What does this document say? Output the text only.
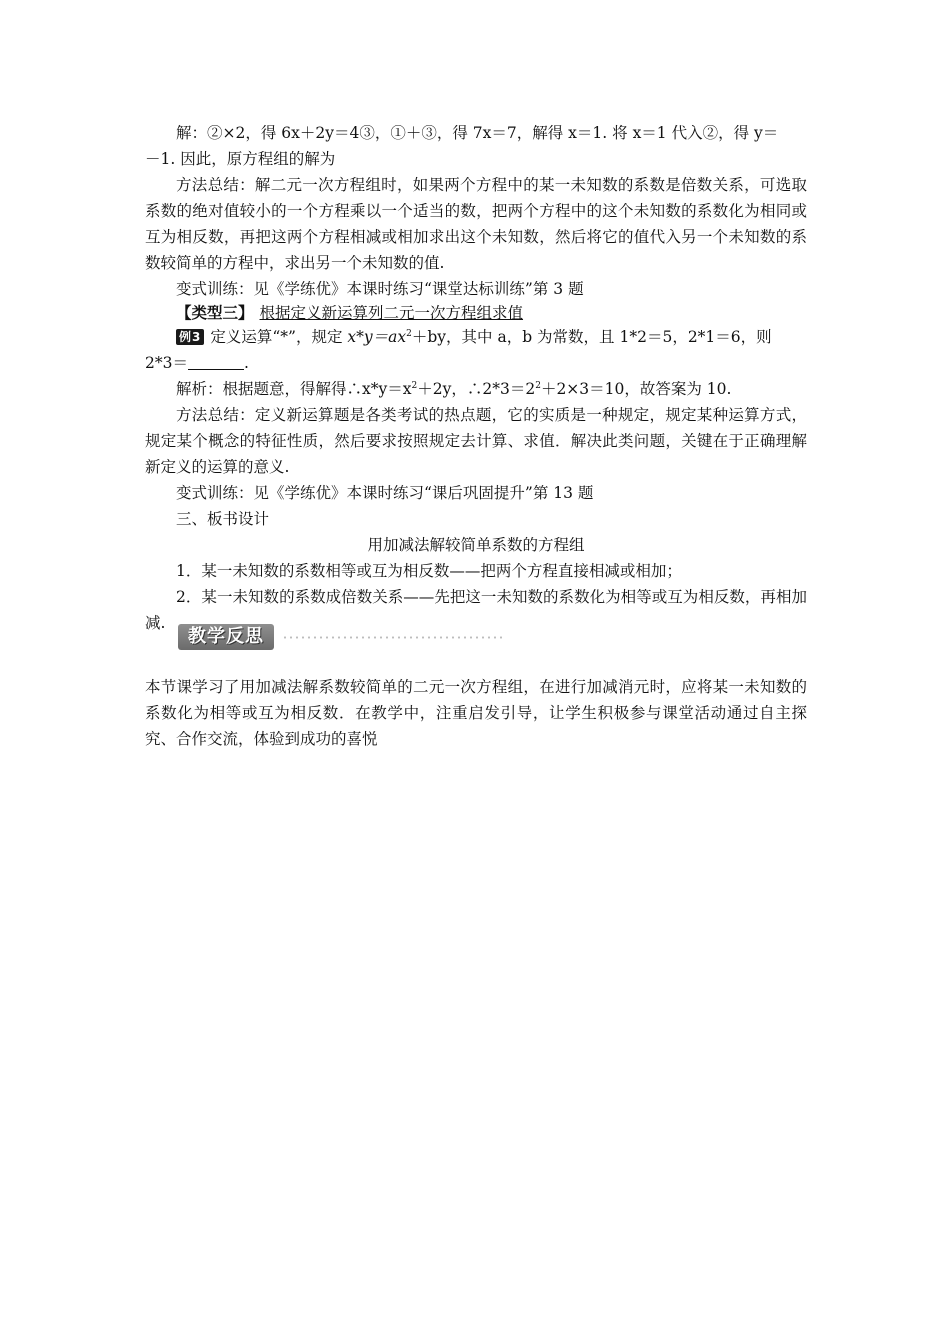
解：②×2，得 6x＋2y＝4③，①＋③，得 7x＝7，解得 x＝1. 将 x＝1 代入②，得 y＝

－1. 因此，原方程组的解为

方法总结：解二元一次方程组时，如果两个方程中的某一未知数的系数是倍数关系，可选取系数的绝对值较小的一个方程乘以一个适当的数，把两个方程中的这个未知数的系数化为相同或互为相反数，再把这两个方程相减或相加求出这个未知数，然后将它的值代入另一个未知数的系数较简单的方程中，求出另一个未知数的值.

变式训练：见《学练优》本课时练习“课堂达标训练”第 3 题

【类型三】 根据定义新运算列二元一次方程组求值

例3 定义运算“*”，规定 $x*y=ax^2+by$，其中 a，b 为常数，且 1*2＝5，2*1＝6，则

2*3＝	.

解析：根据题意，得解得$\therefore x*y=x^2+2y$，$\therefore 2*3=2^2+2\times 3=10$，故答案为 10.

方法总结：定义新运算题是各类考试的热点题，它的实质是一种规定，规定某种运算方式，规定某个概念的特征性质，然后要求按照规定去计算、求值．解决此类问题，关键在于正确理解新定义的运算的意义.

变式训练：见《学练优》本课时练习“课后巩固提升”第 13 题

三、板书设计

用加减法解较简单系数的方程组

1．某一未知数的系数相等或互为相反数——把两个方程直接相减或相加；

2．某一未知数的系数成倍数关系——先把这一未知数的系数化为相等或互为相反数，再相加减.

教学反思

本节课学习了用加减法解系数较简单的二元一次方程组，在进行加减消元时，应将某一未知数的系数化为相等或互为相反数．在教学中，注重启发引导，让学生积极参与课堂活动通过自主探究、合作交流，体验到成功的喜悦
